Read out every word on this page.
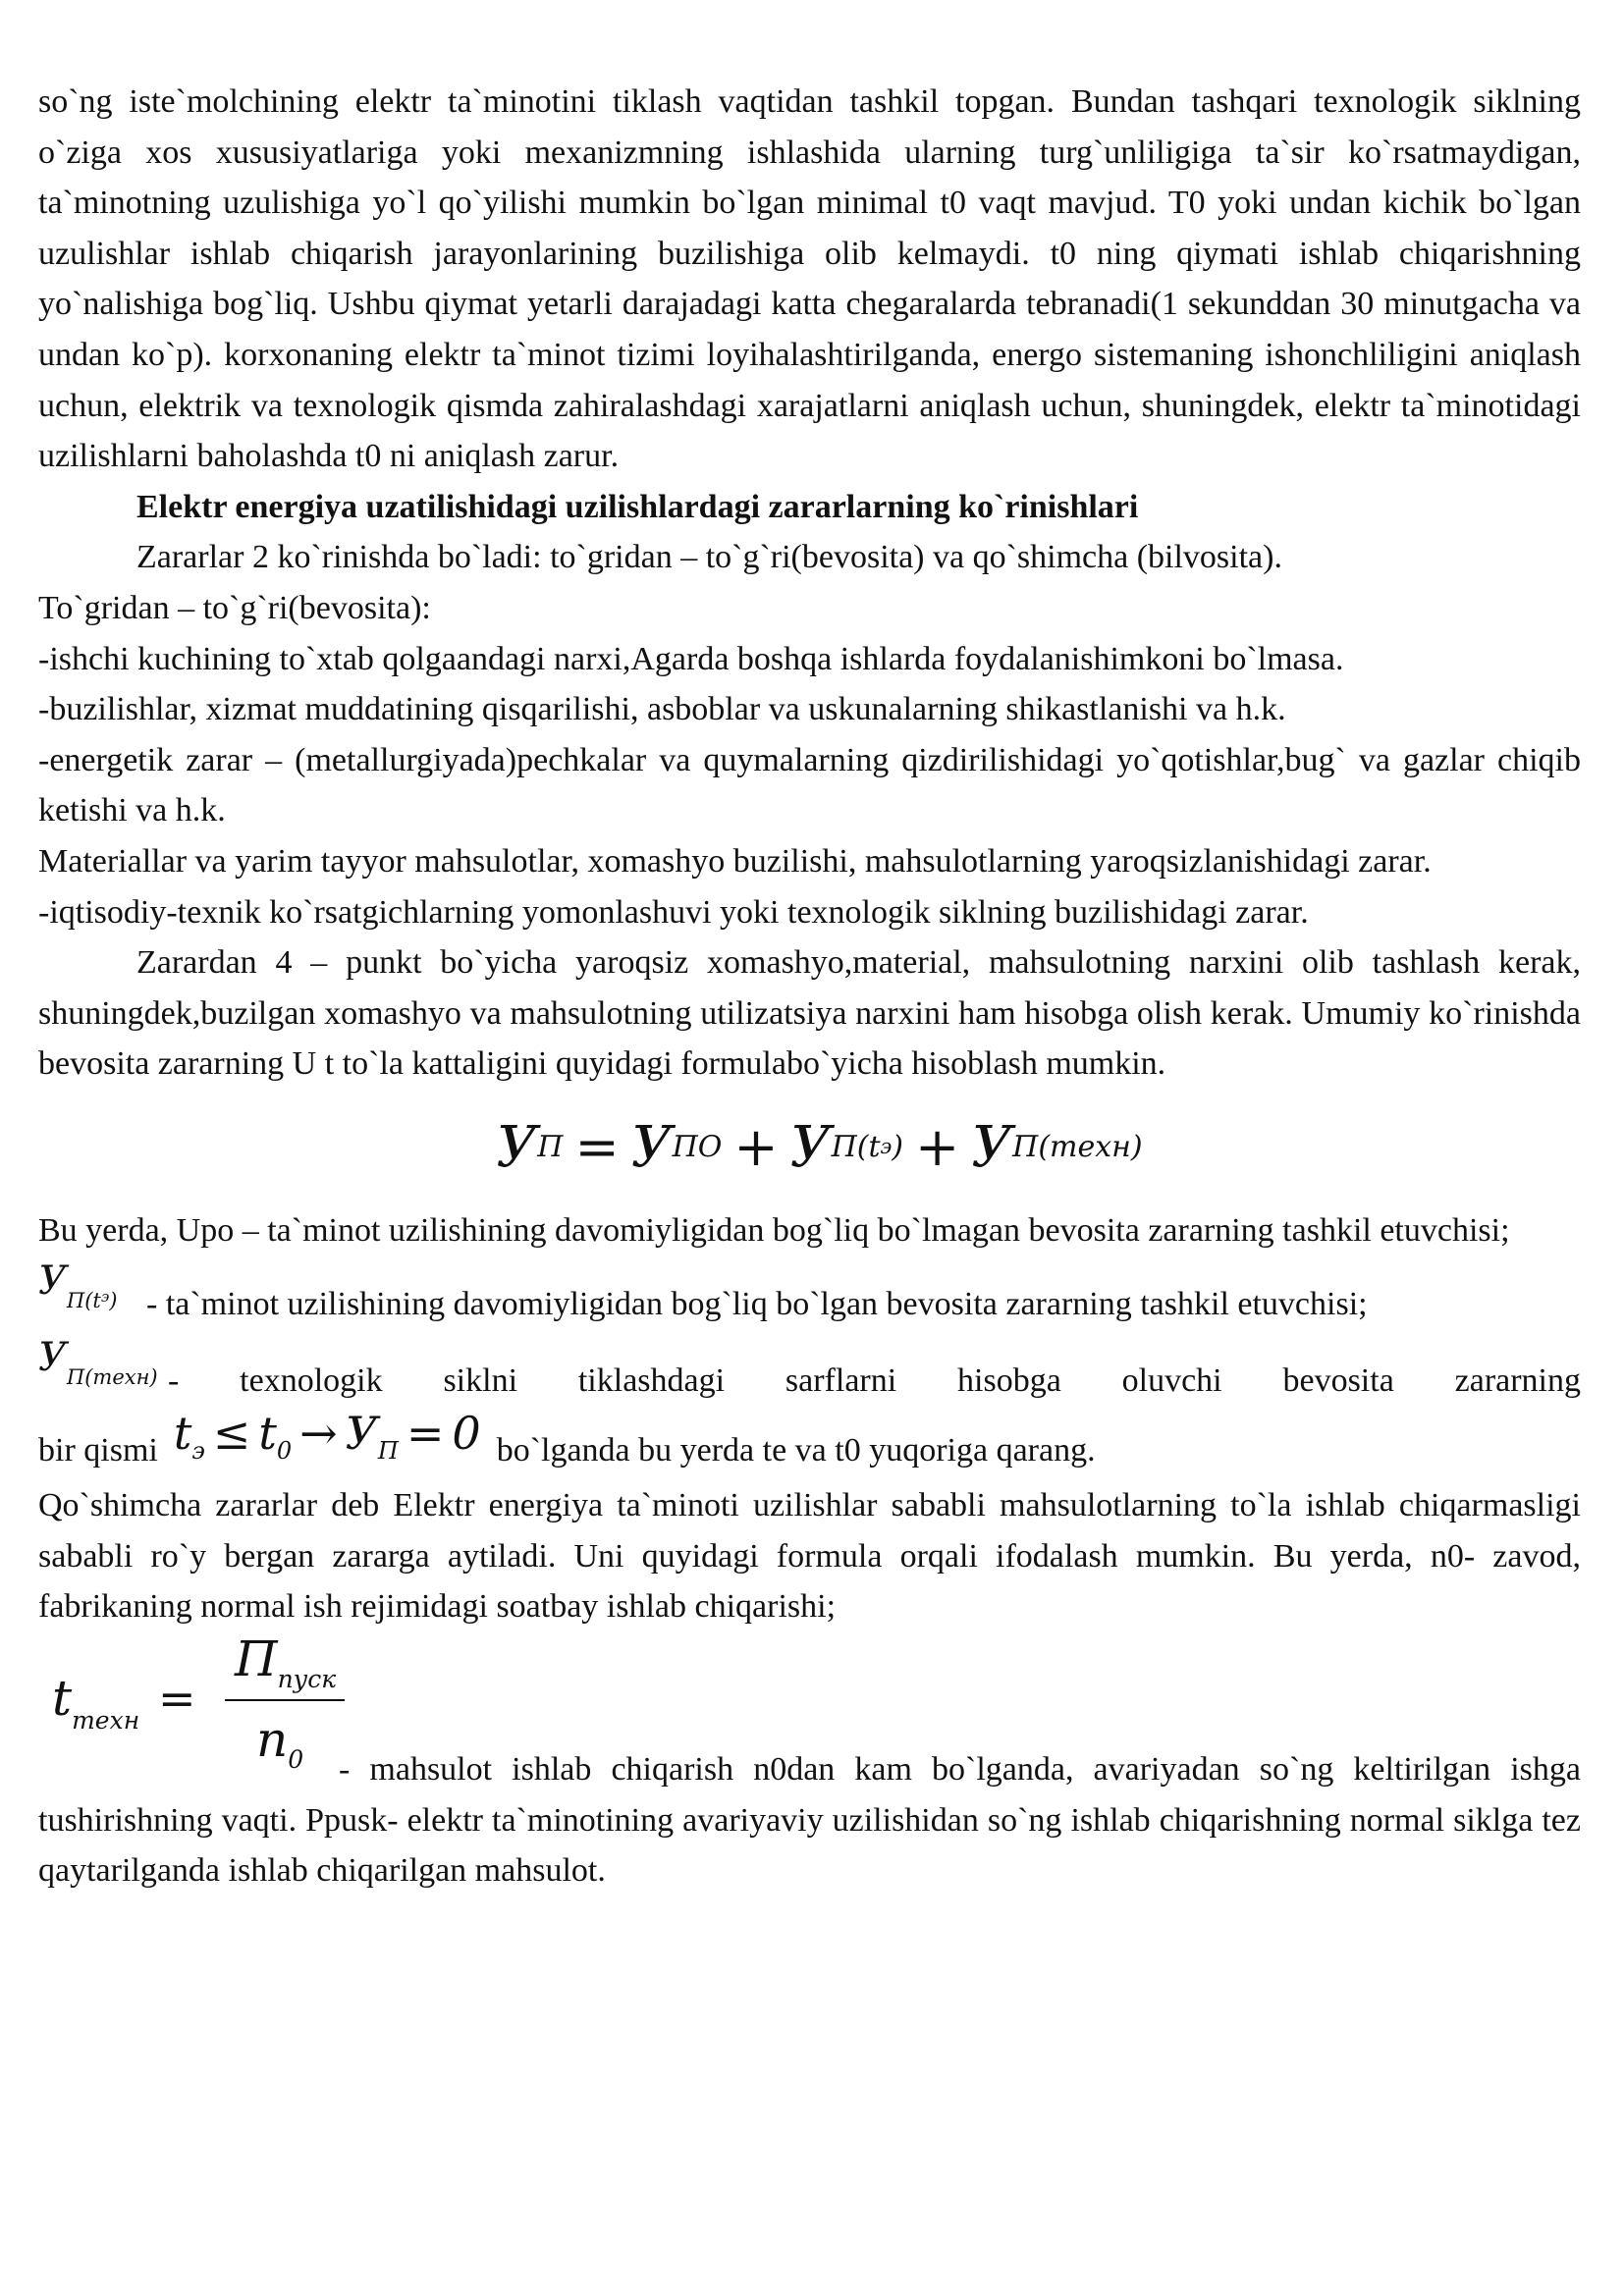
so`ng iste`molchining elektr ta`minotini tiklash vaqtidan tashkil topgan. Bundan tashqari texnologik siklning o`ziga xos xususiyatlariga yoki mexanizmning ishlashida ularning turg`unliligiga ta`sir ko`rsatmaydigan, ta`minotning uzulishiga yo`l qo`yilishi mumkin bo`lgan minimal t0 vaqt mavjud. T0 yoki undan kichik bo`lgan uzulishlar ishlab chiqarish jarayonlarining buzilishiga olib kelmaydi. t0 ning qiymati ishlab chiqarishning yo`nalishiga bog`liq. Ushbu qiymat yetarli darajadagi katta chegaralarda tebranadi(1 sekunddan 30 minutgacha va undan ko`p). korxonaning elektr ta`minot tizimi loyihalashtirilganda, energo sistemaning ishonchliligini aniqlash uchun, elektrik va texnologik qismda zahiralashdagi xarajatlarni aniqlash uchun, shuningdek, elektr ta`minotidagi uzilishlarni baholashda t0 ni aniqlash zarur.

Elektr energiya uzatilishidagi uzilishlardagi zararlarning ko`rinishlari

Zararlar 2 ko`rinishda bo`ladi: to`gridan – to`g`ri(bevosita) va qo`shimcha (bilvosita).

To`gridan – to`g`ri(bevosita):

-ishchi kuchining to`xtab qolgaandagi narxi,Agarda boshqa ishlarda foydalanishimkoni bo`lmasa.

-buzilishlar, xizmat muddatining qisqarilishi, asboblar va uskunalarning shikastlanishi va h.k.

-energetik zarar – (metallurgiyada)pechkalar va quymalarning qizdirilishidagi yo`qotishlar,bug` va gazlar chiqib ketishi va h.k.

Materiallar va yarim tayyor mahsulotlar, xomashyo buzilishi, mahsulotlarning yaroqsizlanishidagi zarar.

-iqtisodiy-texnik ko`rsatgichlarning yomonlashuvi yoki texnologik siklning buzilishidagi zarar.

Zarardan 4 – punkt bo`yicha yaroqsiz xomashyo,material, mahsulotning narxini olib tashlash kerak, shuningdek,buzilgan xomashyo va mahsulotning utilizatsiya narxini ham hisobga olish kerak. Umumiy ko`rinishda bevosita zararning U t to`la kattaligini quyidagi formulabo`yicha hisoblash mumkin.

У П = У ПО + У П(t э ) + У П(техн)

Bu yerda, Upo – ta`minot uzilishining davomiyligidan bog`liq bo`lmagan bevosita zararning tashkil etuvchisi;

$У_{П(tэ)}$ - ta`minot uzilishining davomiyligidan bog`liq bo`lgan bevosita zararning tashkil etuvchisi;

$У_{П(техн)}$ - texnologik siklni tiklashdagi sarflarni hisobga oluvchi bevosita zararning

bir qismi $t_э \le t_0 \to У_П = 0$ bo`lganda bu yerda te va t0 yuqoriga qarang.

Qo`shimcha zararlar deb Elektr energiya ta`minoti uzilishlar sababli mahsulotlarning to`la ishlab chiqarmasligi sababli ro`y bergan zararga aytiladi. Uni quyidagi formula orqali ifodalash mumkin. Bu yerda, n0- zavod, fabrikaning normal ish rejimidagi soatbay ishlab chiqarishi;

$t_{техн}$ =
$П_{пуск}$
$n_0$	- mahsulot ishlab chiqarish n0dan kam bo`lganda, avariyadan so`ng keltirilgan ishga tushirishning vaqti. Ppusk- elektr ta`minotining avariyaviy uzilishidan so`ng ishlab chiqarishning normal siklga tez qaytarilganda ishlab chiqarilgan mahsulot.
